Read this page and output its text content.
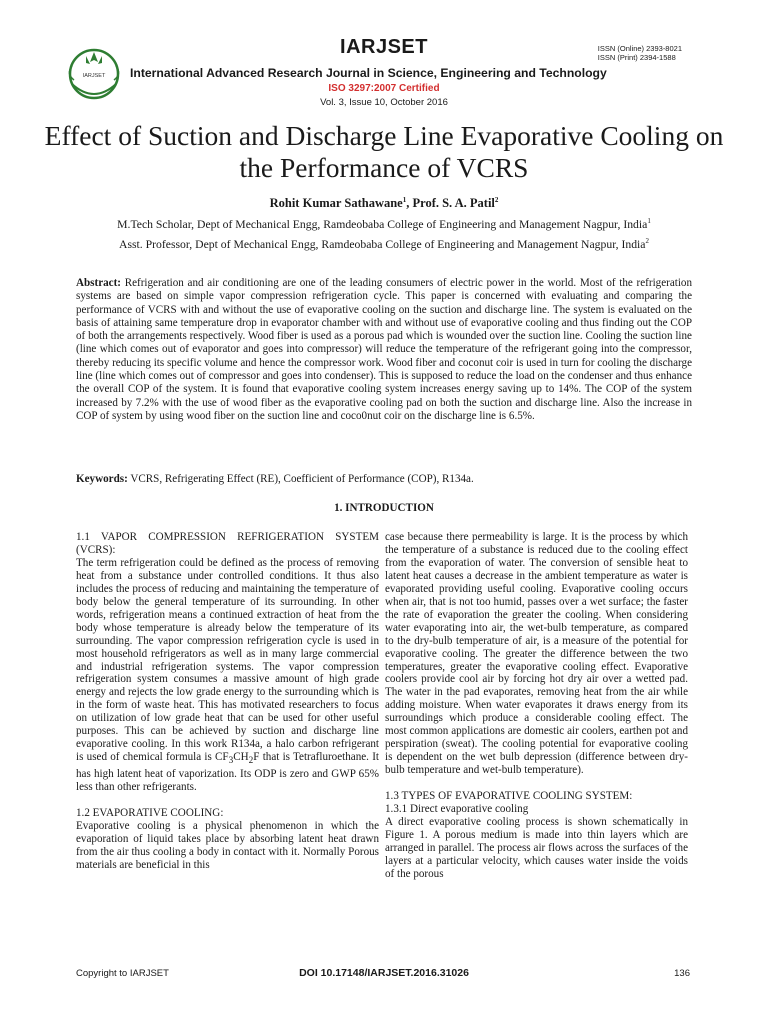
IARJSET
IARJSET	ISSN (Online) 2393-8021
ISSN (Print) 2394-1588
International Advanced Research Journal in Science, Engineering and Technology
ISO 3297:2007 Certified
Vol. 3, Issue 10, October 2016
Effect of Suction and Discharge Line Evaporative Cooling on the Performance of VCRS
Rohit Kumar Sathawane$^1$, Prof. S. A. Patil$^2$
M.Tech Scholar, Dept of Mechanical Engg, Ramdeobaba College of Engineering and Management Nagpur, India$^1$
Asst. Professor, Dept of Mechanical Engg, Ramdeobaba College of Engineering and Management Nagpur, India$^2$
Abstract: Refrigeration and air conditioning are one of the leading consumers of electric power in the world. Most of the refrigeration systems are based on simple vapor compression refrigeration cycle. This paper is concerned with evaluating and comparing the performance of VCRS with and without the use of evaporative cooling on the suction and discharge line. The system is evaluated on the basis of attaining same temperature drop in evaporator chamber with and without use of evaporative cooling and thus finding out the COP of both the arrangements respectively. Wood fiber is used as a porous pad which is wounded over the suction line. Cooling the suction line (line which comes out of evaporator and goes into compressor) will reduce the temperature of the refrigerant going into the compressor, thereby reducing its specific volume and hence the compressor work. Wood fiber and coconut coir is used in turn for cooling the discharge line (line which comes out of compressor and goes into condenser). This is supposed to reduce the load on the condenser and thus enhance the overall COP of the system. It is found that evaporative cooling system increases energy saving up to 14%. The COP of the system increased by 7.2% with the use of wood fiber as the evaporative cooling pad on both the suction and discharge line. Also the increase in COP of system by using wood fiber on the suction line and coco0nut coir on the discharge line is 6.5%.
Keywords: VCRS, Refrigerating Effect (RE), Coefficient of Performance (COP), R134a.
1. INTRODUCTION

1.1 VAPOR COMPRESSION REFRIGERATION SYSTEM (VCRS):

The term refrigeration could be defined as the process of removing heat from a substance under controlled conditions. It thus also includes the process of reducing and maintaining the temperature of body below the general temperature of its surrounding. In other words, refrigeration means a continued extraction of heat from the body whose temperature is already below the temperature of its surrounding. The vapor compression refrigeration cycle is used in most household refrigerators as well as in many large commercial and industrial refrigeration systems. The vapor compression refrigeration system consumes a massive amount of high grade energy and rejects the low grade energy to the surrounding which is in the form of waste heat. This has motivated researchers to focus on utilization of low grade heat that can be used for other useful purposes. This can be achieved by suction and discharge line evaporative cooling. In this work R134a, a halo carbon refrigerant is used of chemical formula is $CF_3CH_2F$ that is Tetrafluroethane. It has high latent heat of vaporization. Its ODP is zero and GWP 65% less than other refrigerants.

1.2 EVAPORATIVE COOLING:

Evaporative cooling is a physical phenomenon in which the evaporation of liquid takes place by absorbing latent heat drawn from the air thus cooling a body in contact with it. Normally Porous materials are beneficial in this

case because there permeability is large. It is the process by which the temperature of a substance is reduced due to the cooling effect from the evaporation of water. The conversion of sensible heat to latent heat causes a decrease in the ambient temperature as water is evaporated providing useful cooling. Evaporative cooling occurs when air, that is not too humid, passes over a wet surface; the faster the rate of evaporation the greater the cooling. When considering water evaporating into air, the wet-bulb temperature, as compared to the dry-bulb temperature of air, is a measure of the potential for evaporative cooling. The greater the difference between the two temperatures, greater the evaporative cooling effect. Evaporative coolers provide cool air by forcing hot dry air over a wetted pad. The water in the pad evaporates, removing heat from the air while adding moisture. When water evaporates it draws energy from its surroundings which produce a considerable cooling effect. The most common applications are domestic air coolers, earthen pot and perspiration (sweat). The cooling potential for evaporative cooling is dependent on the wet bulb depression (difference between dry-bulb temperature and wet-bulb temperature).

1.3 TYPES OF EVAPORATIVE COOLING SYSTEM:

1.3.1 Direct evaporative cooling

A direct evaporative cooling process is shown schematically in Figure 1. A porous medium is made into thin layers which are arranged in parallel. The process air flows across the surfaces of the layers at a particular velocity, which causes water inside the voids of the porous

Copyright to IARJSET	DOI 10.17148/IARJSET.2016.31026	136
